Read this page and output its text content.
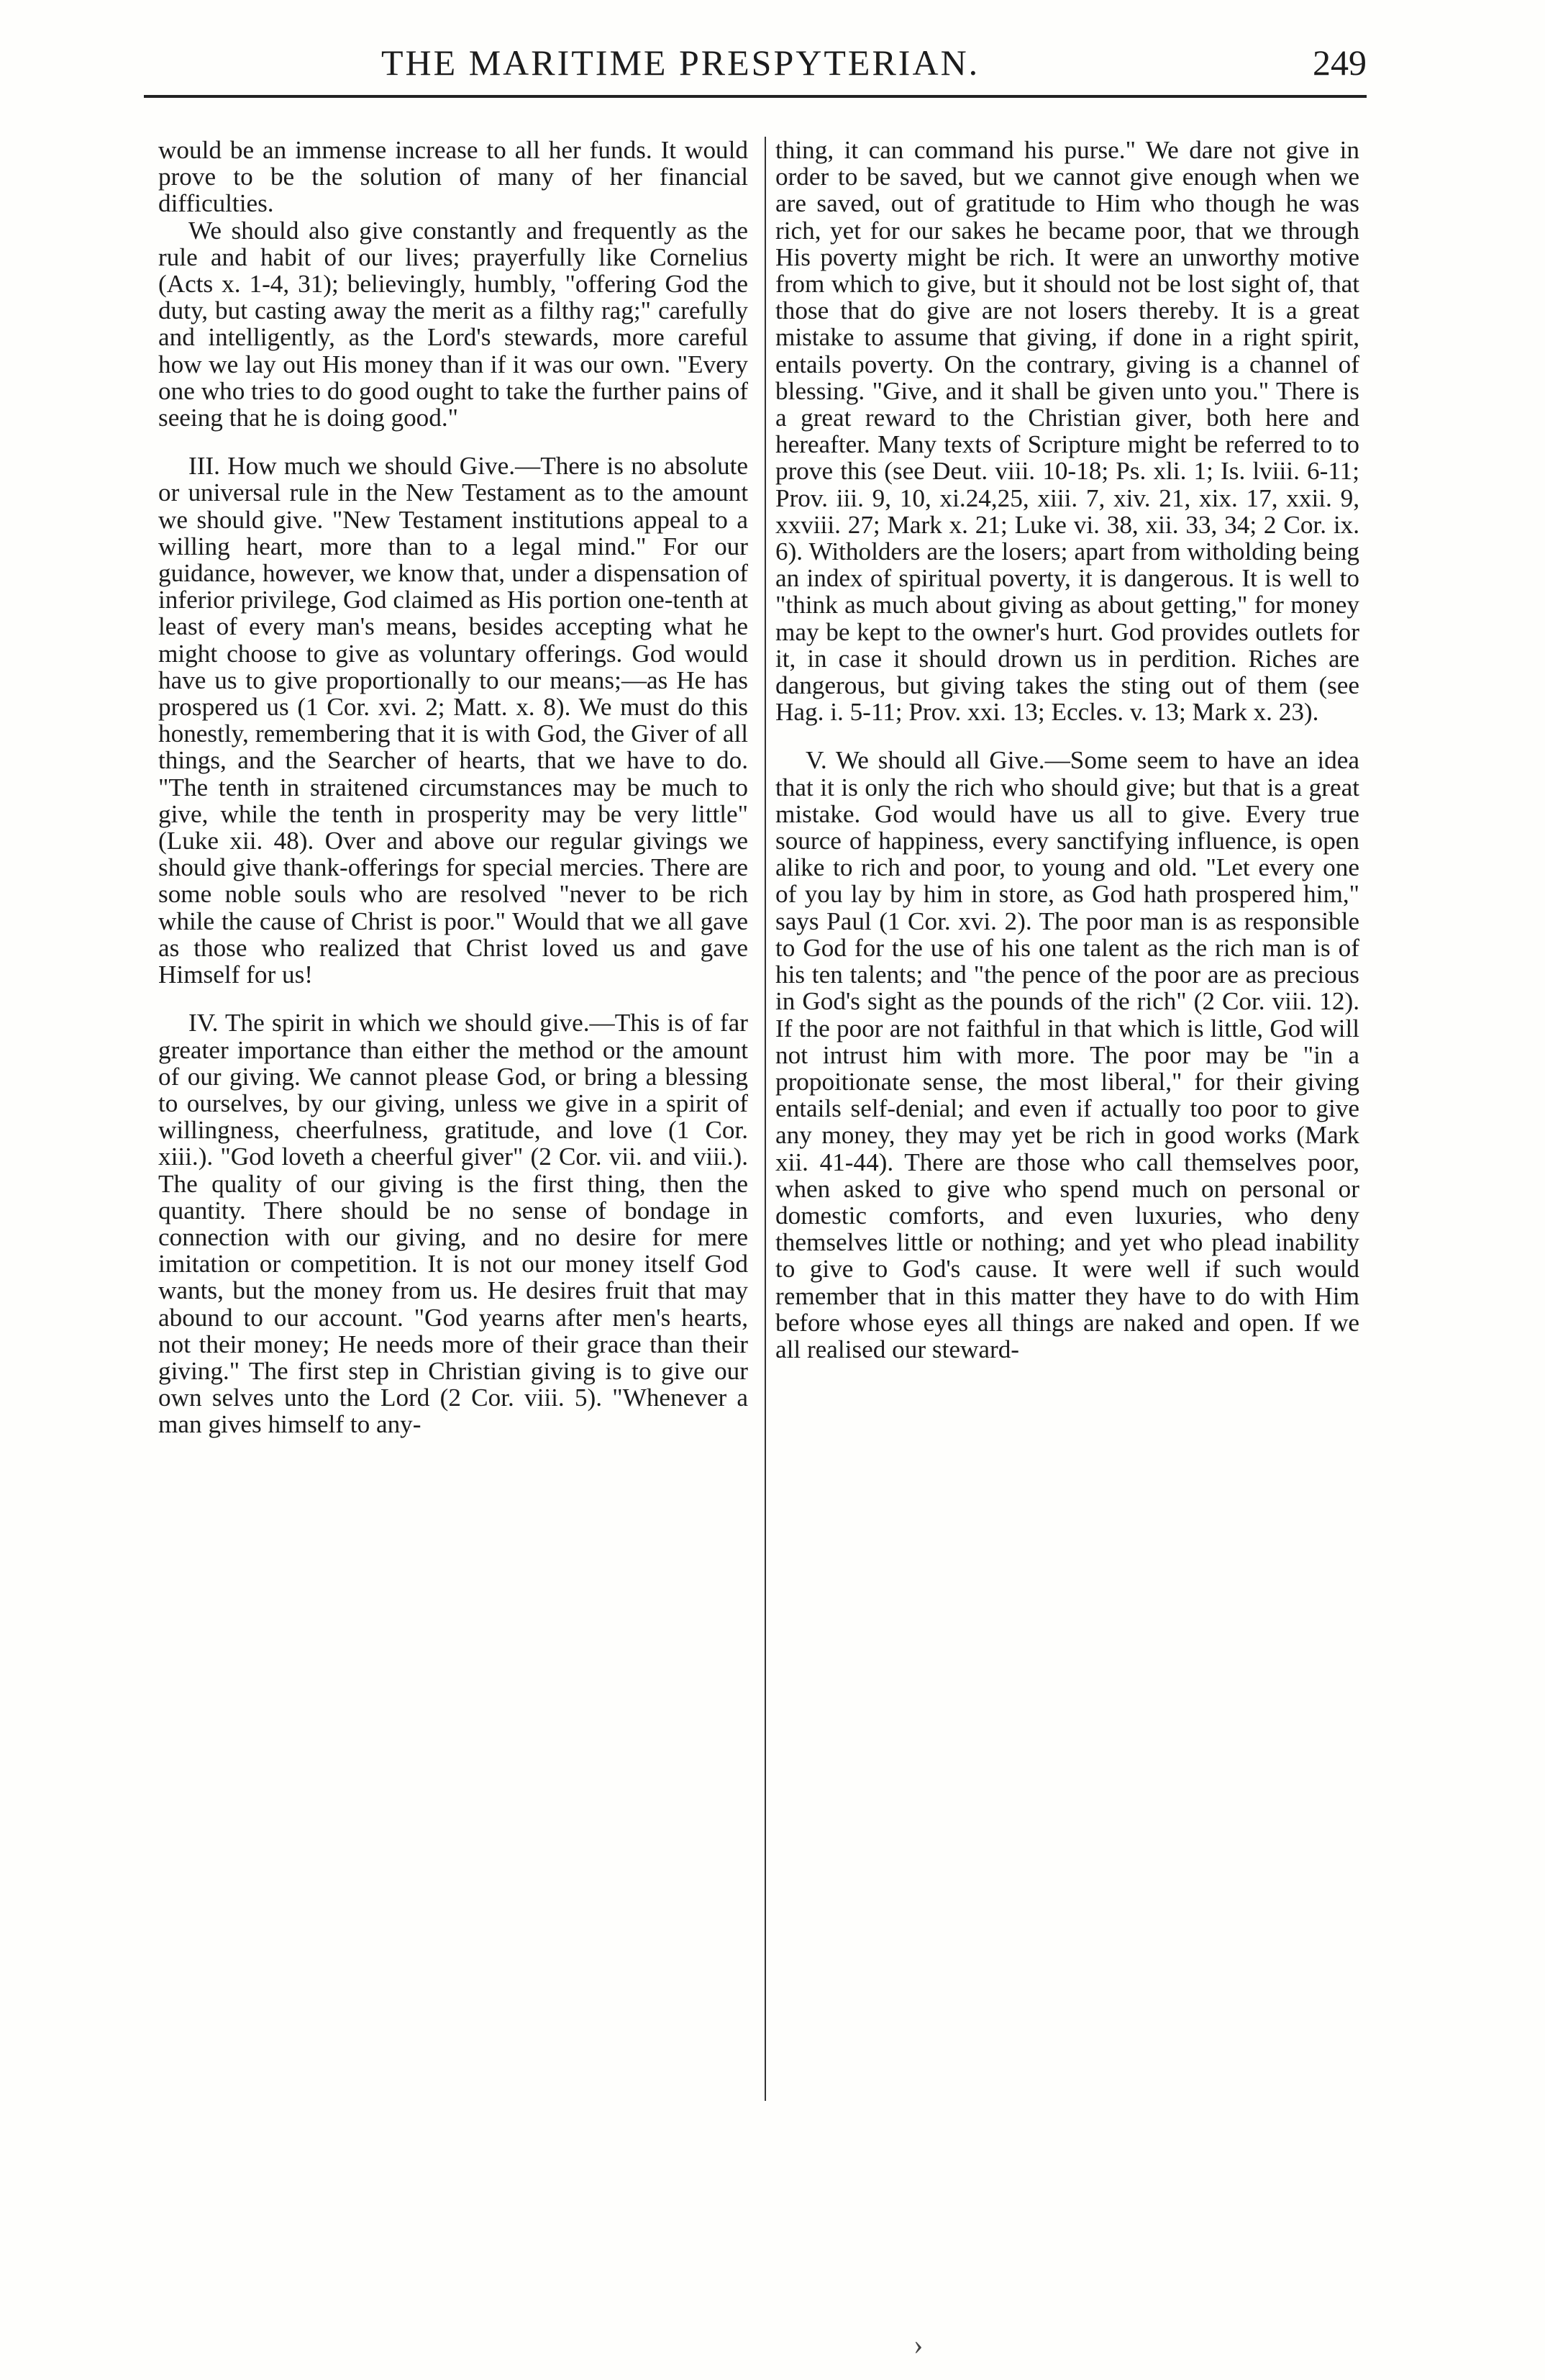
THE MARITIME PRESPYTERIAN.	249

would be an immense increase to all her funds. It would prove to be the solution of many of her financial difficulties.

We should also give constantly and frequently as the rule and habit of our lives; prayerfully like Cornelius (Acts x. 1-4, 31); believingly, humbly, "offering God the duty, but casting away the merit as a filthy rag;" carefully and intelligently, as the Lord's stewards, more careful how we lay out His money than if it was our own. "Every one who tries to do good ought to take the further pains of seeing that he is doing good."

III. How much we should Give.—There is no absolute or universal rule in the New Testament as to the amount we should give. "New Testament institutions appeal to a willing heart, more than to a legal mind." For our guidance, however, we know that, under a dispensation of inferior privilege, God claimed as His portion one-tenth at least of every man's means, besides accepting what he might choose to give as voluntary offerings. God would have us to give proportionally to our means;—as He has prospered us (1 Cor. xvi. 2; Matt. x. 8). We must do this honestly, remembering that it is with God, the Giver of all things, and the Searcher of hearts, that we have to do. "The tenth in straitened circumstances may be much to give, while the tenth in prosperity may be very little" (Luke xii. 48). Over and above our regular givings we should give thank-offerings for special mercies. There are some noble souls who are resolved "never to be rich while the cause of Christ is poor." Would that we all gave as those who realized that Christ loved us and gave Himself for us!

IV. The spirit in which we should give.—This is of far greater importance than either the method or the amount of our giving. We cannot please God, or bring a blessing to ourselves, by our giving, unless we give in a spirit of willingness, cheerfulness, gratitude, and love (1 Cor. xiii.). "God loveth a cheerful giver" (2 Cor. vii. and viii.). The quality of our giving is the first thing, then the quantity. There should be no sense of bondage in connection with our giving, and no desire for mere imitation or competition. It is not our money itself God wants, but the money from us. He desires fruit that may abound to our account. "God yearns after men's hearts, not their money; He needs more of their grace than their giving." The first step in Christian giving is to give our own selves unto the Lord (2 Cor. viii. 5). "Whenever a man gives himself to any-

thing, it can command his purse." We dare not give in order to be saved, but we cannot give enough when we are saved, out of gratitude to Him who though he was rich, yet for our sakes he became poor, that we through His poverty might be rich. It were an unworthy motive from which to give, but it should not be lost sight of, that those that do give are not losers thereby. It is a great mistake to assume that giving, if done in a right spirit, entails poverty. On the contrary, giving is a channel of blessing. "Give, and it shall be given unto you." There is a great reward to the Christian giver, both here and hereafter. Many texts of Scripture might be referred to to prove this (see Deut. viii. 10-18; Ps. xli. 1; Is. lviii. 6-11; Prov. iii. 9, 10, xi.24,25, xiii. 7, xiv. 21, xix. 17, xxii. 9, xxviii. 27; Mark x. 21; Luke vi. 38, xii. 33, 34; 2 Cor. ix. 6). Witholders are the losers; apart from witholding being an index of spiritual poverty, it is dangerous. It is well to "think as much about giving as about getting," for money may be kept to the owner's hurt. God provides outlets for it, in case it should drown us in perdition. Riches are dangerous, but giving takes the sting out of them (see Hag. i. 5-11; Prov. xxi. 13; Eccles. v. 13; Mark x. 23).

V. We should all Give.—Some seem to have an idea that it is only the rich who should give; but that is a great mistake. God would have us all to give. Every true source of happiness, every sanctifying influence, is open alike to rich and poor, to young and old. "Let every one of you lay by him in store, as God hath prospered him," says Paul (1 Cor. xvi. 2). The poor man is as responsible to God for the use of his one talent as the rich man is of his ten talents; and "the pence of the poor are as precious in God's sight as the pounds of the rich" (2 Cor. viii. 12). If the poor are not faithful in that which is little, God will not intrust him with more. The poor may be "in a propoitionate sense, the most liberal," for their giving entails self-denial; and even if actually too poor to give any money, they may yet be rich in good works (Mark xii. 41-44). There are those who call themselves poor, when asked to give who spend much on personal or domestic comforts, and even luxuries, who deny themselves little or nothing; and yet who plead inability to give to God's cause. It were well if such would remember that in this matter they have to do with Him before whose eyes all things are naked and open. If we all realised our steward-

›
